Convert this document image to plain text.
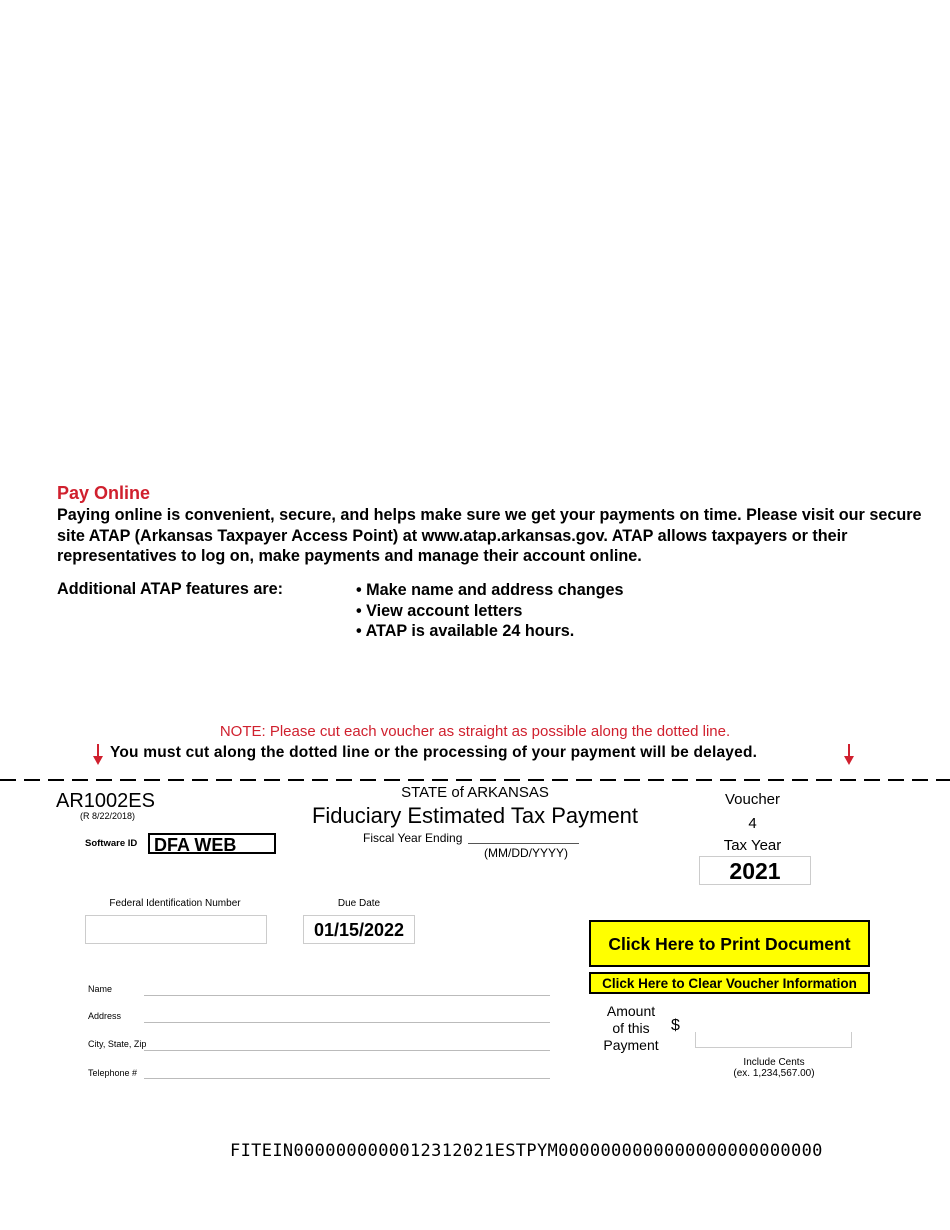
Pay Online
Paying online is convenient, secure, and helps make sure we get your payments on time. Please visit our secure site ATAP (Arkansas Taxpayer Access Point) at www.atap.arkansas.gov. ATAP allows taxpayers or their representatives to log on, make payments and manage their account online.
Additional ATAP features are:	• Make name and address changes
• View account letters
• ATAP is available 24 hours.
NOTE: Please cut each voucher as straight as possible along the dotted line.
You must cut along the dotted line or the processing of your payment will be delayed.
AR1002ES
(R 8/22/2018)
Software ID DFA WEB
STATE of ARKANSAS
Fiduciary Estimated Tax Payment
Fiscal Year Ending
(MM/DD/YYYY)
Voucher
4
Tax Year
2021
Federal Identification Number	Due Date
01/15/2022
Click Here to Print Document
Click Here to Clear Voucher Information
Name
Address
City, State, Zip
Telephone #
Amount
of this
Payment
$
Include Cents
(ex. 1,234,567.00)
FITEIN0000000000012312021ESTPYM0000000000000000000000000
